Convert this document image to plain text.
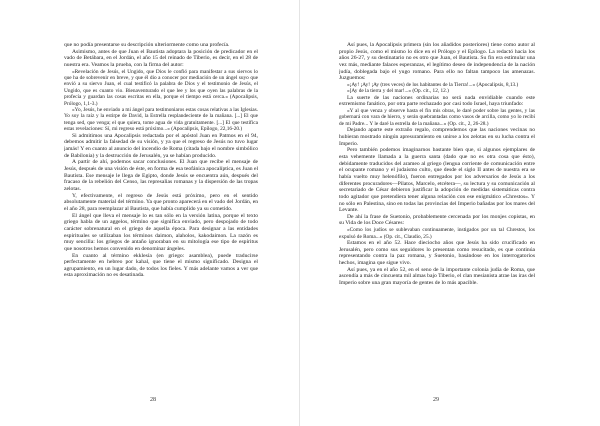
que no podía presentarse su descripción ulteriormente como una profecía.

Asimismo, antes de que Juan el Bautista adoptara la posición de predicador en el vado de Betábara, en el Jordán, el año 15 del reinado de Tiberio, es decir, en el 28 de nuestra era. Veamos la prueba, con la firma del autor:

«Revelación de Jesús, el Ungido, que Dios le confió para manifestar a sus siervos lo que ha de sobrevenir en breve, y que él dio a conocer por mediación de un ángel suyo que envió a su siervo Juan, el cual testificó la palabra de Dios y el testimonio de Jesús, el Ungido, que es cuanto vio. Bienaventurado el que lee y los que oyen las palabras de la profecía y guardan las cosas escritas en ella, porque el tiempo está cerca.» (Apocalipsis, Prólogo, 1,1-3.)

«Yo, Jesús, he enviado a mi ángel para testimoniaros estas cosas relativas a las Iglesias. Yo soy la raíz y la estirpe de David, la Estrella resplandeciente de la mañana. [...] El que tenga sed, que venga; el que quiera, tome agua de vida gratuitamente. [...] El que testifica estas revelaciones: Sí, mi regreso está próximo...» (Apocalipsis, Epílogo, 22,16-20.)

Si admitimos una Apocalipsis redactada por el apóstol Juan en Patmos en el 94, debemos admitir la falsedad de su visión, y ya que el regreso de Jesús no tuvo lugar jamás! Y en cuanto al anuncio del incendio de Roma (citada bajo el nombre simbólico de Babilonia) y la destrucción de Jerusalén, ya se habían producido.

A partir de ahí, podemos sacar conclusiones. El Juan que recibe el mensaje de Jesús, después de una visión de éste, en forma de esa teofánica apocalíptica, es Juan el Bautista. Ese mensaje le llega de Egipto, donde Jesús se encuentra aún, después del fracaso de la rebelión del Censo, las represalias romanas y la dispersión de las tropas zelotas.

Y, efectivamente, el regreso de Jesús está próximo, pero en el sentido absolutamente material del término. Ya que pronto aparecerá en el vado del Jordán, en el año 28, para reemplazar al Bautista, que había cumplido ya su cometido.

El ángel que lleva el mensaje lo es tan sólo en la versión latina, porque el texto griego habla de un aggelos, término que significa enviado, pero despojado de todo carácter sobrenatural en el griego de aquella época. Para designar a las entidades espirituales se utilizaban los términos daimon, alaholos, kakodaimon. La razón es muy sencilla: los griegos de antaño ignoraban en su mitología ese tipo de espíritus que nosotros hemos convenido en denominar ángeles.

En cuanto al término ekklesía (en griego: asamblea), puede traducirse perfectamente en hebreo por kahal, que tiene el mismo significado. Designa el agrupamiento, en un lugar dado, de todos los fieles. Y más adelante vamos a ver que esta aproximación no es desatinada.

28

Así pues, la Apocalipsis primera (sin los añadidos posteriores) tiene como autor al propio Jesús, como el mismo lo dice en el Prólogo y el Epílogo. La redactó hacia los años 26-27, y su destinatario no es otro que Juan, el Bautista. Su fin era estimular una vez más, mediante falaces esperanzas, el legítimo deseo de independencia de la nación judía, doblegada bajo el yugo romano. Para ello no faltan tampoco las amenazas. Juzguemos:

«¡Ay! ¡Ay! ¡Ay (tres veces) de los habitantes de la Tierra!...» (Apocalipsis, 8,13.)

«[Ay de la tierra y del mar!...» (Op. cit., 12, 12.)

La suerte de las naciones ordinarias no será nada envidiable cuando este extremismo fanático, por otra parte rechazado por casi todo Israel, haya triunfado:

«Y al que venza y observe hasta el fin mis obras, le daré poder sobre las gentes, y las gobernará con vara de hierro, y serán quebrantadas como vasos de arcilla, como yo lo recibí de mi Padre... Y le daré la estrella de la mañana...» (Op. cit., 2, 26-28.)

Dejando aparte este extraño regalo, comprendemos que las naciones vecinas no hubieran mostrado ningún apresuramiento en unirse a los zelotas en su lucha contra el Imperio.

Pero también podemos imaginarnos bastante bien que, si algunos ejemplares de esta vehemente llamada a la guerra santa (dado que no es otra cosa que ésto), debidamente traducidos del arameo al griego (lengua corriente de comunicación entre el ocupante romano y el judaísmo culto, que desde el siglo II antes de nuestra era se había vuelto muy helenófilo), fueron entregados por los adversarios de Jesús a los diferentes procuradores—Pilatos, Marcelo, etcétera—, su lectura y su comunicación al secretariado de César debieron justificar la adopción de medidas sistemáticas contra todo agitador que pretendiera tener alguna relación con ese enigmático «Chrestos». Y no sólo en Palestina, sino en todas las provincias del Imperio bañadas por los mares del Levante.

De ahí la frase de Suetonio, probablemente cercenada por los monjes copistas, en su Vida de los Doce Césares:

«Como los judíos se sublevaban continuamente, instigados por un tal Chrestos, los expulsó de Roma...» (Op. cit., Claudio, 25.)

Estamos en el año 52. Hace dieciocho años que Jesús ha sido crucificado en Jerusalén, pero como sus seguidores lo presentan como resucitado, es que continúa representando contra la paz romana, y Suetonio, basándose en los interrogatorios hechos, imagina que sigue vivo.

Así pues, ya en el año 52, en el seno de la importante colonia judía de Roma, que ascendía a más de cincuenta mil almas bajo Tiberio, el clan mesianista atrae las iras del Imperio sobre una gran mayoría de gentes de lo más apacible.

29
